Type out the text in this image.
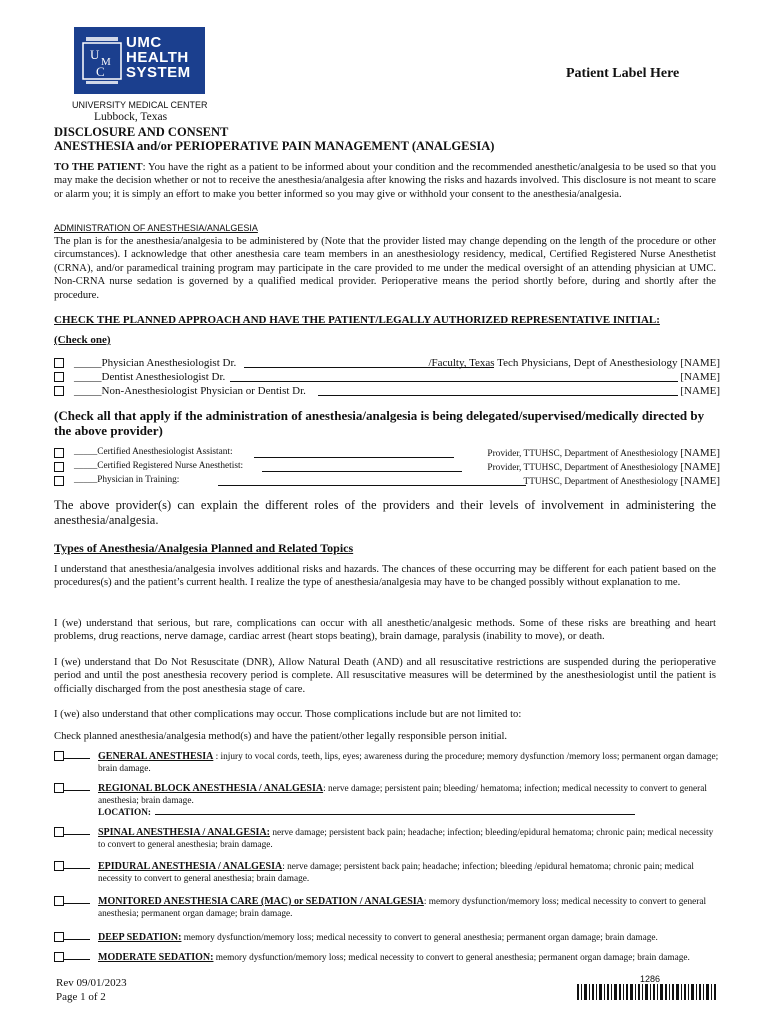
U M
C
UMC
HEALTH
SYSTEM	Patient Label Here
UNIVERSITY MEDICAL CENTER
Lubbock, Texas
DISCLOSURE AND CONSENT
ANESTHESIA and/or PERIOPERATIVE PAIN MANAGEMENT (ANALGESIA)
TO THE PATIENT: You have the right as a patient to be informed about your condition and the recommended anesthetic/analgesia to be used so that you may make the decision whether or not to receive the anesthesia/analgesia after knowing the risks and hazards involved. This disclosure is not meant to scare or alarm you; it is simply an effort to make you better informed so you may give or withhold your consent to the anesthesia/analgesia.
ADMINISTRATION OF ANESTHESIA/ANALGESIA
The plan is for the anesthesia/analgesia to be administered by (Note that the provider listed may change depending on the length of the procedure or other circumstances). I acknowledge that other anesthesia care team members in an anesthesiology residency, medical, Certified Registered Nurse Anesthetist (CRNA), and/or paramedical training program may participate in the care provided to me under the medical oversight of an attending physician at UMC. Non-CRNA nurse sedation is governed by a qualified medical provider. Perioperative means the period shortly before, during and shortly after the procedure.
CHECK THE PLANNED APPROACH AND HAVE THE PATIENT/LEGALLY AUTHORIZED REPRESENTATIVE INITIAL:
(Check one)
_____Physician Anesthesiologist Dr.	/Faculty, Texas Tech Physicians, Dept of Anesthesiology [NAME]
_____Dentist Anesthesiologist Dr.	[NAME]
_____Non-Anesthesiologist Physician or Dentist Dr.	[NAME]
(Check all that apply if the administration of anesthesia/analgesia is being delegated/supervised/medically directed by the above provider)
_____Certified Anesthesiologist Assistant:	Provider, TTUHSC, Department of Anesthesiology [NAME]
_____Certified Registered Nurse Anesthetist:	Provider, TTUHSC, Department of Anesthesiology [NAME]
_____Physician in Training:	TTUHSC, Department of Anesthesiology [NAME]
The above provider(s) can explain the different roles of the providers and their levels of involvement in administering the anesthesia/analgesia.
Types of Anesthesia/Analgesia Planned and Related Topics
I understand that anesthesia/analgesia involves additional risks and hazards. The chances of these occurring may be different for each patient based on the procedures(s) and the patient’s current health. I realize the type of anesthesia/analgesia may have to be changed possibly without explanation to me.
I (we) understand that serious, but rare, complications can occur with all anesthetic/analgesic methods. Some of these risks are breathing and heart problems, drug reactions, nerve damage, cardiac arrest (heart stops beating), brain damage, paralysis (inability to move), or death.
I (we) understand that Do Not Resuscitate (DNR), Allow Natural Death (AND) and all resuscitative restrictions are suspended during the perioperative period and until the post anesthesia recovery period is complete. All resuscitative measures will be determined by the anesthesiologist until the patient is officially discharged from the post anesthesia stage of care.
I (we) also understand that other complications may occur. Those complications include but are not limited to:
Check planned anesthesia/analgesia method(s) and have the patient/other legally responsible person initial.
GENERAL ANESTHESIA : injury to vocal cords, teeth, lips, eyes; awareness during the procedure; memory dysfunction /memory loss; permanent organ damage; brain damage.
REGIONAL BLOCK ANESTHESIA / ANALGESIA: nerve damage; persistent pain; bleeding/ hematoma; infection; medical necessity to convert to general anesthesia; brain damage.
LOCATION:
SPINAL ANESTHESIA / ANALGESIA: nerve damage; persistent back pain; headache; infection; bleeding/epidural hematoma; chronic pain; medical necessity to convert to general anesthesia; brain damage.
EPIDURAL ANESTHESIA / ANALGESIA: nerve damage; persistent back pain; headache; infection; bleeding /epidural hematoma; chronic pain; medical necessity to convert to general anesthesia; brain damage.
MONITORED ANESTHESIA CARE (MAC) or SEDATION / ANALGESIA: memory dysfunction/memory loss; medical necessity to convert to general anesthesia; permanent organ damage; brain damage.
DEEP SEDATION: memory dysfunction/memory loss; medical necessity to convert to general anesthesia; permanent organ damage; brain damage.
MODERATE SEDATION: memory dysfunction/memory loss; medical necessity to convert to general anesthesia; permanent organ damage; brain damage.
Rev 09/01/2023
Page 1 of 2
1286
